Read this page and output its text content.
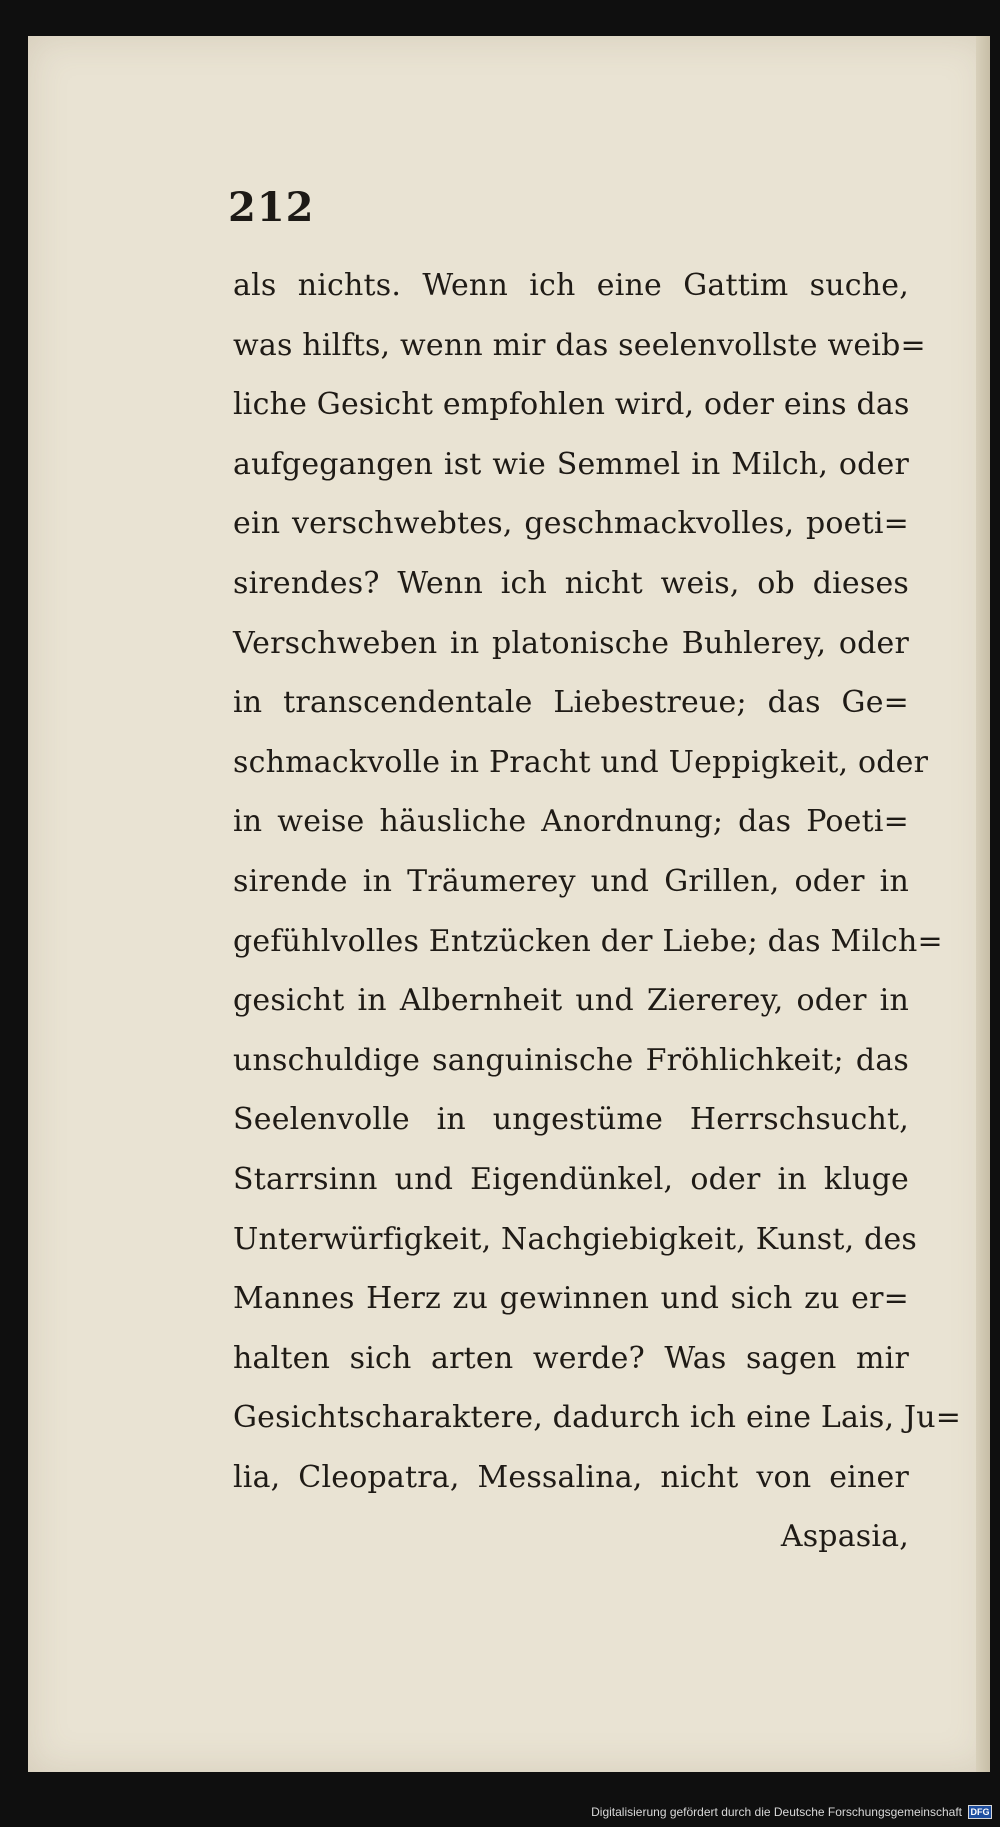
212
als nichts. Wenn ich eine Gattim suche,
was hilfts, wenn mir das seelenvollste weib=
liche Gesicht empfohlen wird, oder eins das
aufgegangen ist wie Semmel in Milch, oder
ein verschwebtes, geschmackvolles, poeti=
sirendes? Wenn ich nicht weis, ob dieses
Verschweben in platonische Buhlerey, oder
in transcendentale Liebestreue; das Ge=
schmackvolle in Pracht und Ueppigkeit, oder
in weise häusliche Anordnung; das Poeti=
sirende in Träumerey und Grillen, oder in
gefühlvolles Entzücken der Liebe; das Milch=
gesicht in Albernheit und Ziererey, oder in
unschuldige sanguinische Fröhlichkeit; das
Seelenvolle in ungestüme Herrschsucht,
Starrsinn und Eigendünkel, oder in kluge
Unterwürfigkeit, Nachgiebigkeit, Kunst, des
Mannes Herz zu gewinnen und sich zu er=
halten sich arten werde? Was sagen mir
Gesichtscharaktere, dadurch ich eine Lais, Ju=
lia, Cleopatra, Messalina, nicht von einer
Aspasia,
Digitalisierung gefördert durch die Deutsche Forschungsgemeinschaft DFG
